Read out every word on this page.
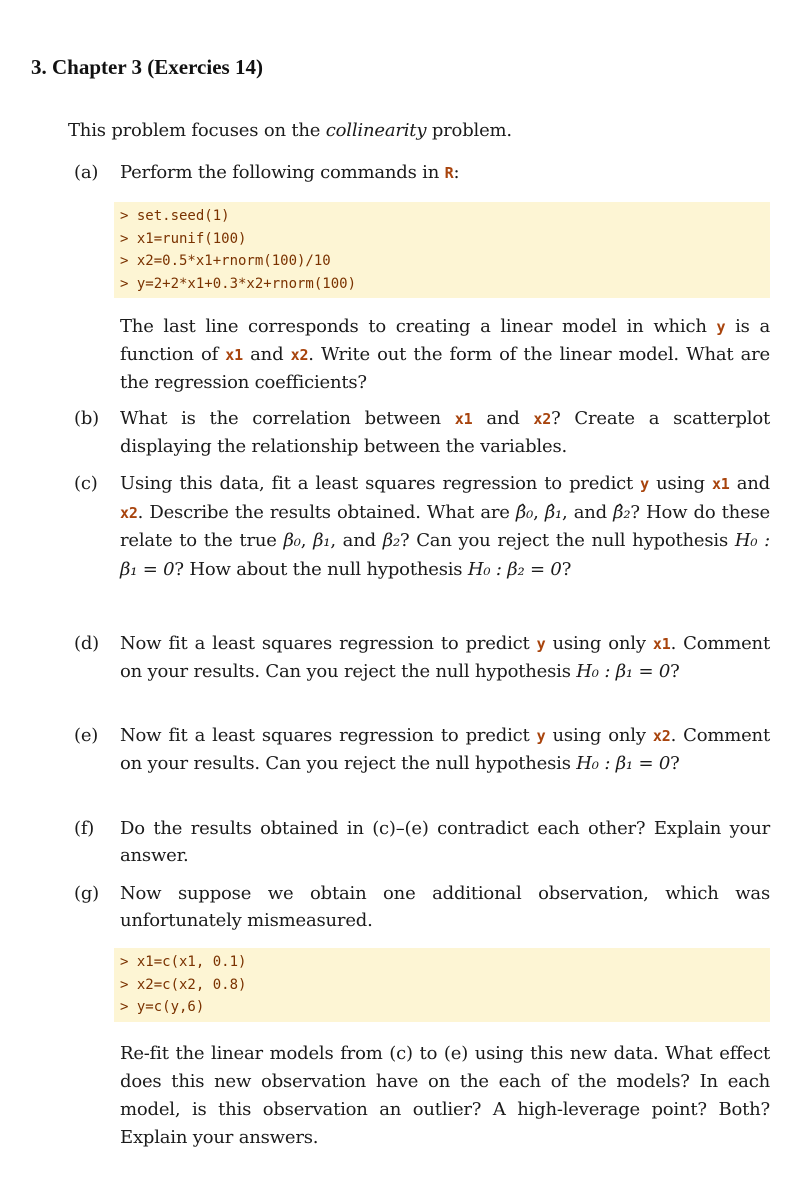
3. Chapter 3 (Exercies 14)
This problem focuses on the collinearity problem.
(a)	Perform the following commands in R:
> set.seed(1)
> x1=runif(100)
> x2=0.5*x1+rnorm(100)/10
> y=2+2*x1+0.3*x2+rnorm(100)
The last line corresponds to creating a linear model in which y is a function of x1 and x2. Write out the form of the linear model. What are the regression coefficients?
(b)	What is the correlation between x1 and x2? Create a scatterplot displaying the relationship between the variables.
(c)	Using this data, fit a least squares regression to predict y using x1 and x2. Describe the results obtained. What are β̂₀, β̂₁, and β̂₂? How do these relate to the true β₀, β₁, and β₂? Can you reject the null hypothesis H₀ : β₁ = 0? How about the null hypothesis H₀ : β₂ = 0?
(d)	Now fit a least squares regression to predict y using only x1. Comment on your results. Can you reject the null hypothesis H₀ : β₁ = 0?
(e)	Now fit a least squares regression to predict y using only x2. Comment on your results. Can you reject the null hypothesis H₀ : β₁ = 0?
(f)	Do the results obtained in (c)–(e) contradict each other? Explain your answer.
(g)	Now suppose we obtain one additional observation, which was unfortunately mismeasured.
> x1=c(x1, 0.1)
> x2=c(x2, 0.8)
> y=c(y,6)
Re-fit the linear models from (c) to (e) using this new data. What effect does this new observation have on the each of the models? In each model, is this observation an outlier? A high-leverage point? Both? Explain your answers.
